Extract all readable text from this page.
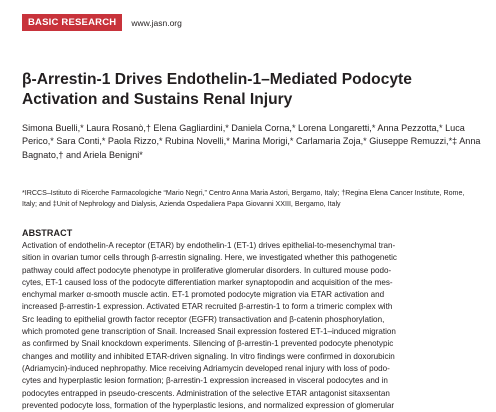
BASIC RESEARCH	www.jasn.org
β-Arrestin-1 Drives Endothelin-1–Mediated Podocyte Activation and Sustains Renal Injury

Simona Buelli,* Laura Rosanò,† Elena Gagliardini,* Daniela Corna,* Lorena Longaretti,* Anna Pezzotta,* Luca Perico,* Sara Conti,* Paola Rizzo,* Rubina Novelli,* Marina Morigi,* Carlamaria Zoja,* Giuseppe Remuzzi,*‡ Anna Bagnato,† and Ariela Benigni*

*IRCCS–Istituto di Ricerche Farmacologiche “Mario Negri,” Centro Anna Maria Astori, Bergamo, Italy; †Regina Elena Cancer Institute, Rome, Italy; and ‡Unit of Nephrology and Dialysis, Azienda Ospedaliera Papa Giovanni XXIII, Bergamo, Italy

ABSTRACT

Activation of endothelin-A receptor (ETAR) by endothelin-1 (ET-1) drives epithelial-to-mesenchymal tran-
sition in ovarian tumor cells through β-arrestin signaling. Here, we investigated whether this pathogenetic
pathway could affect podocyte phenotype in proliferative glomerular disorders. In cultured mouse podo-
cytes, ET-1 caused loss of the podocyte differentiation marker synaptopodin and acquisition of the mes-
enchymal marker α-smooth muscle actin. ET-1 promoted podocyte migration via ETAR activation and
increased β-arrestin-1 expression. Activated ETAR recruited β-arrestin-1 to form a trimeric complex with
Src leading to epithelial growth factor receptor (EGFR) transactivation and β-catenin phosphorylation,
which promoted gene transcription of Snail. Increased Snail expression fostered ET-1–induced migration
as confirmed by Snail knockdown experiments. Silencing of β-arrestin-1 prevented podocyte phenotypic
changes and motility and inhibited ETAR-driven signaling. In vitro findings were confirmed in doxorubicin
(Adriamycin)-induced nephropathy. Mice receiving Adriamycin developed renal injury with loss of podo-
cytes and hyperplastic lesion formation; β-arrestin-1 expression increased in visceral podocytes and in
podocytes entrapped in pseudo-crescents. Administration of the selective ETAR antagonist sitaxsentan
prevented podocyte loss, formation of the hyperplastic lesions, and normalized expression of glomerular
